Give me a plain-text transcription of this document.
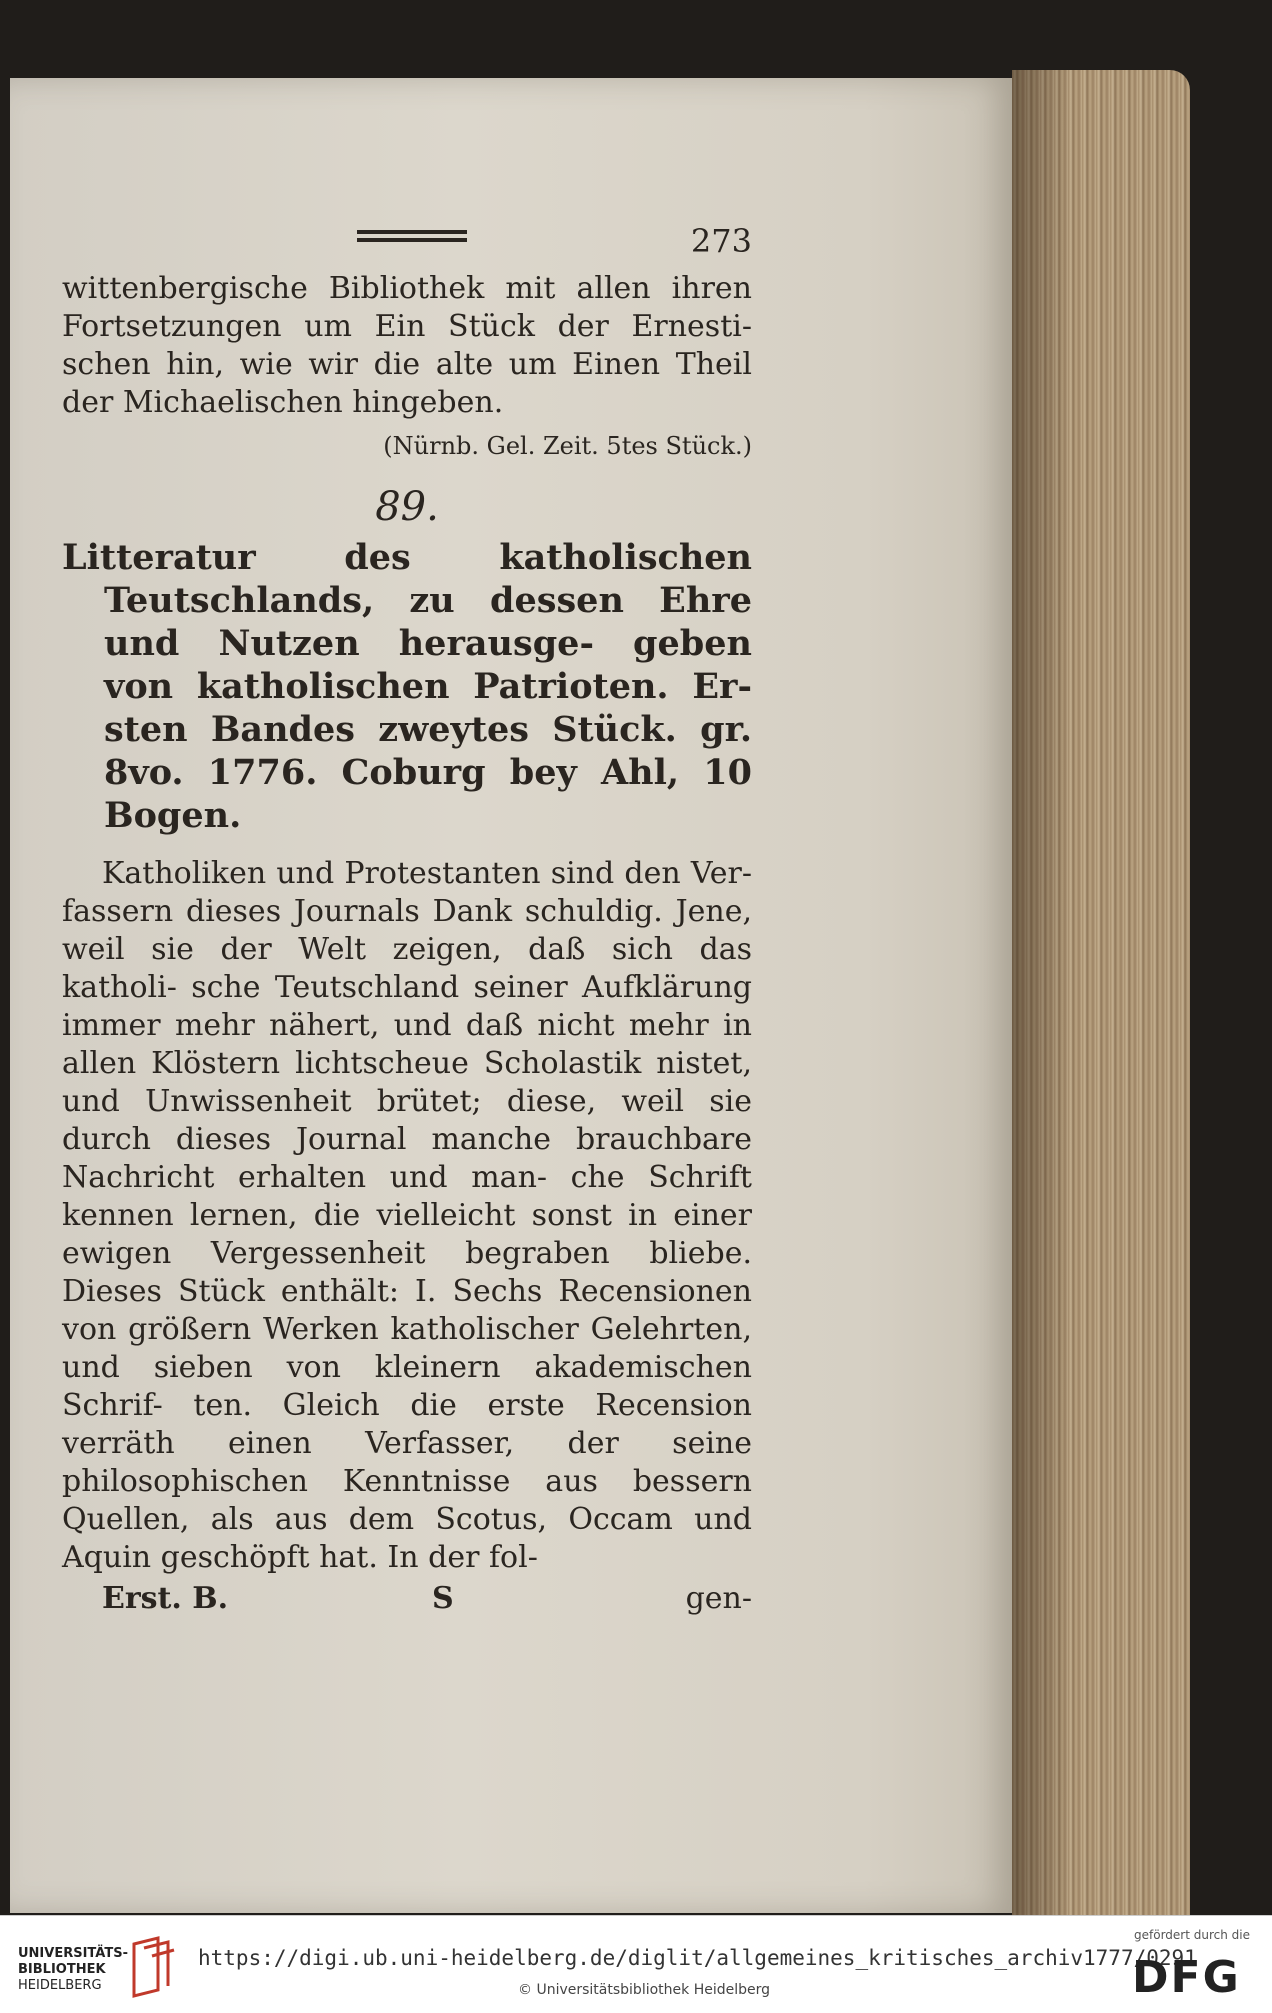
273

wittenbergische Bibliothek mit allen ihren Fortsetzungen um Ein Stück der Ernesti- schen hin, wie wir die alte um Einen Theil der Michaelischen hingeben.

(Nürnb. Gel. Zeit. 5tes Stück.)

89.

Litteratur des katholischen Teutschlands, zu dessen Ehre und Nutzen herausge- geben von katholischen Patrioten. Er- sten Bandes zweytes Stück. gr. 8vo. 1776. Coburg bey Ahl, 10 Bogen.

Katholiken und Protestanten sind den Ver- fassern dieses Journals Dank schuldig. Jene, weil sie der Welt zeigen, daß sich das katholi- sche Teutschland seiner Aufklärung immer mehr nähert, und daß nicht mehr in allen Klöstern lichtscheue Scholastik nistet, und Unwissenheit brütet; diese, weil sie durch dieses Journal manche brauchbare Nachricht erhalten und man- che Schrift kennen lernen, die vielleicht sonst in einer ewigen Vergessenheit begraben bliebe. Dieses Stück enthält: I. Sechs Recensionen von größern Werken katholischer Gelehrten, und sieben von kleinern akademischen Schrif- ten. Gleich die erste Recension verräth einen Verfasser, der seine philosophischen Kenntnisse aus bessern Quellen, als aus dem Scotus, Occam und Aquin geschöpft hat. In der fol-

Erst. B.	S	gen-
UNIVERSITÄTS-
BIBLIOTHEK
HEIDELBERG
https://digi.ub.uni-heidelberg.de/diglit/allgemeines_kritisches_archiv1777/0291
© Universitätsbibliothek Heidelberg
gefördert durch die
DFG
